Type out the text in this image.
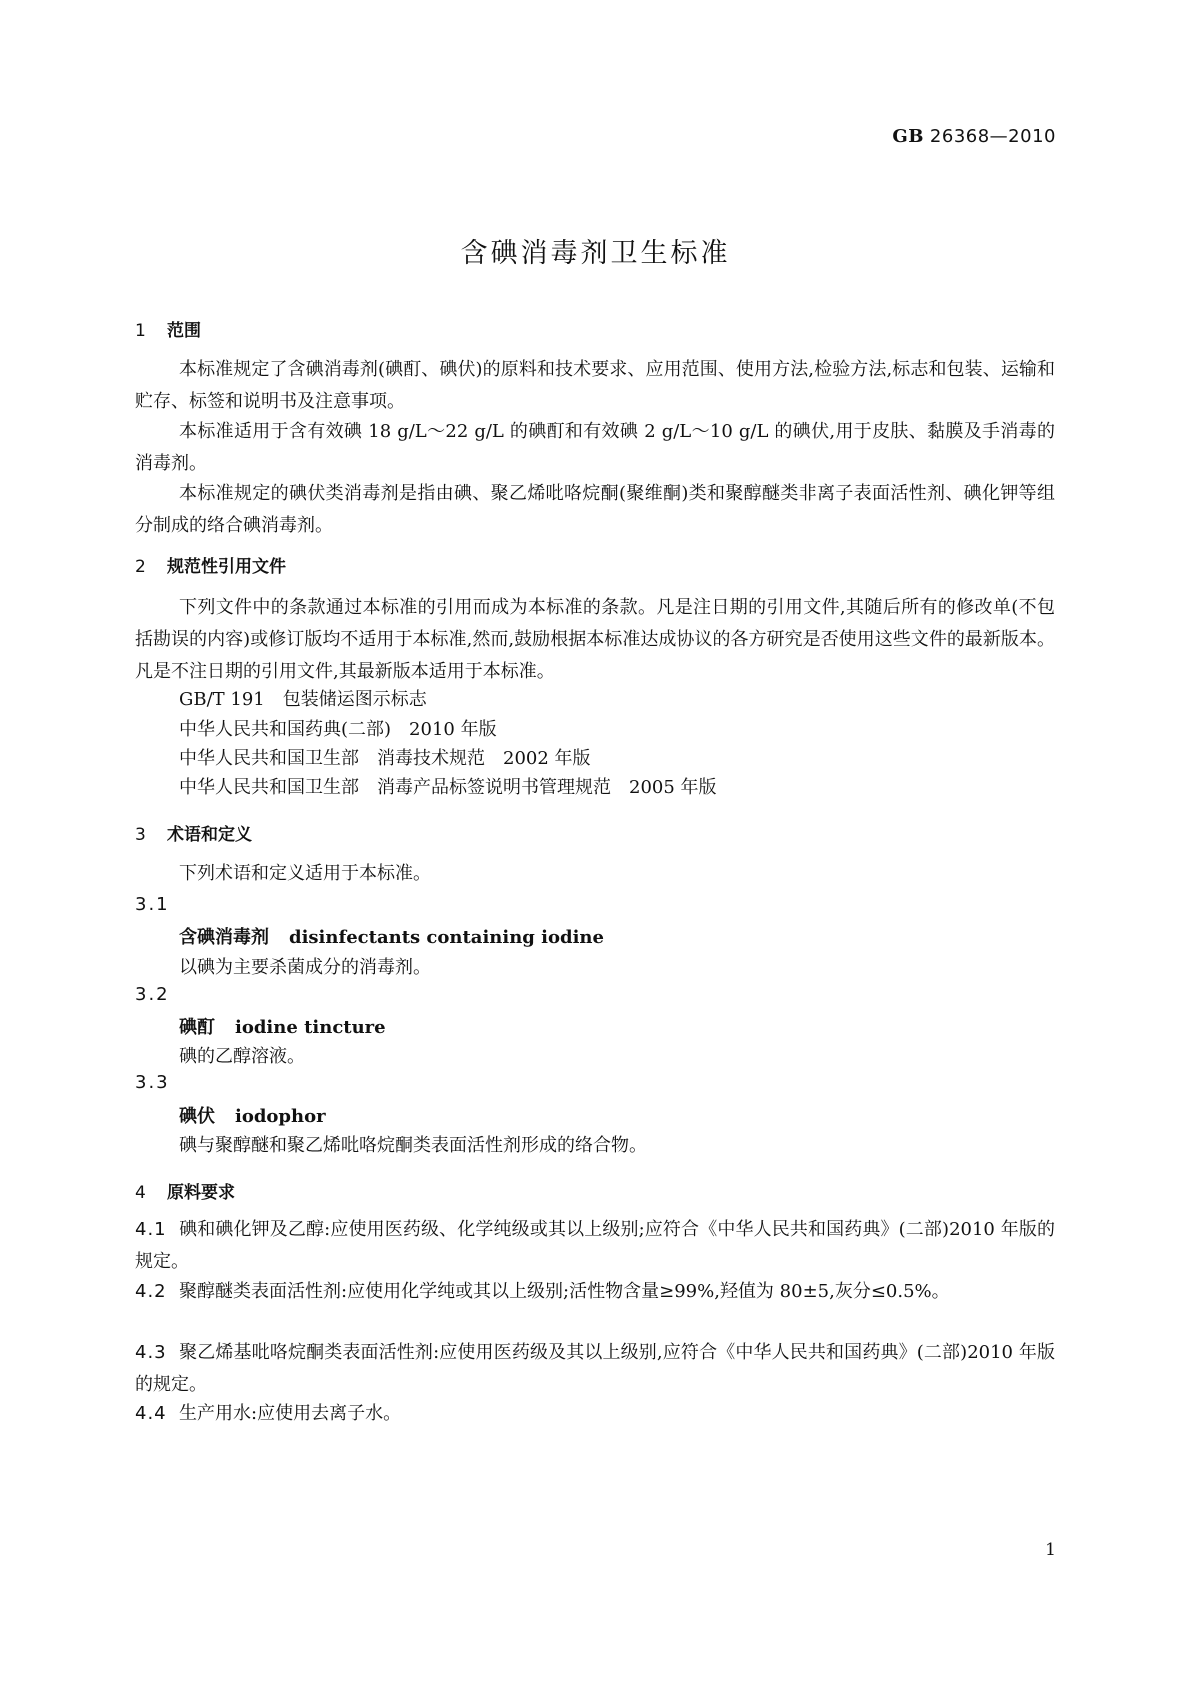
GB 26368—2010
含碘消毒剂卫生标准
1 范围
本标准规定了含碘消毒剂(碘酊、碘伏)的原料和技术要求、应用范围、使用方法,检验方法,标志和包装、运输和贮存、标签和说明书及注意事项。
本标准适用于含有效碘 18 g/L～22 g/L 的碘酊和有效碘 2 g/L～10 g/L 的碘伏,用于皮肤、黏膜及手消毒的消毒剂。
本标准规定的碘伏类消毒剂是指由碘、聚乙烯吡咯烷酮(聚维酮)类和聚醇醚类非离子表面活性剂、碘化钾等组分制成的络合碘消毒剂。
2 规范性引用文件
下列文件中的条款通过本标准的引用而成为本标准的条款。凡是注日期的引用文件,其随后所有的修改单(不包括勘误的内容)或修订版均不适用于本标准,然而,鼓励根据本标准达成协议的各方研究是否使用这些文件的最新版本。凡是不注日期的引用文件,其最新版本适用于本标准。
GB/T 191　包装储运图示标志
中华人民共和国药典(二部)　2010 年版
中华人民共和国卫生部　消毒技术规范　2002 年版
中华人民共和国卫生部　消毒产品标签说明书管理规范　2005 年版
3 术语和定义
下列术语和定义适用于本标准。
3.1
含碘消毒剂 disinfectants containing iodine
以碘为主要杀菌成分的消毒剂。
3.2
碘酊 iodine tincture
碘的乙醇溶液。
3.3
碘伏 iodophor
碘与聚醇醚和聚乙烯吡咯烷酮类表面活性剂形成的络合物。
4 原料要求
4.1 碘和碘化钾及乙醇:应使用医药级、化学纯级或其以上级别;应符合《中华人民共和国药典》(二部)2010 年版的规定。
4.2 聚醇醚类表面活性剂:应使用化学纯或其以上级别;活性物含量≥99%,羟值为 80±5,灰分≤0.5%。
4.3 聚乙烯基吡咯烷酮类表面活性剂:应使用医药级及其以上级别,应符合《中华人民共和国药典》(二部)2010 年版的规定。
4.4 生产用水:应使用去离子水。
1
